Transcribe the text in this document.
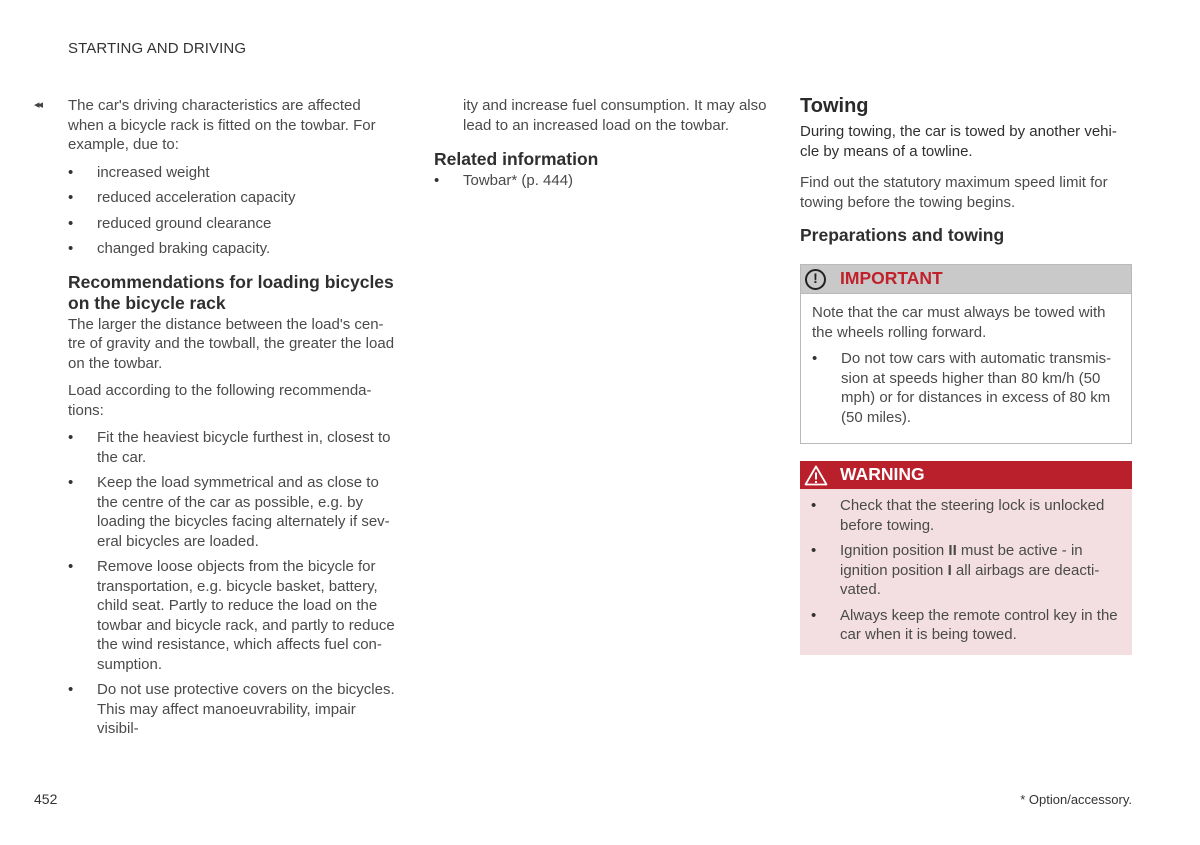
STARTING AND DRIVING
◂◂ The car's driving characteristics are affected when a bicycle rack is fitted on the towbar. For example, due to:

• increased weight
• reduced acceleration capacity
• reduced ground clearance
• changed braking capacity.
Recommendations for loading bicycles on the bicycle rack

The larger the distance between the load's cen-tre of gravity and the towball, the greater the load on the towbar.

Load according to the following recommenda-tions:

• Fit the heaviest bicycle furthest in, closest to the car.
• Keep the load symmetrical and as close to the centre of the car as possible, e.g. by loading the bicycles facing alternately if sev-eral bicycles are loaded.
• Remove loose objects from the bicycle for transportation, e.g. bicycle basket, battery, child seat. Partly to reduce the load on the towbar and bicycle rack, and partly to reduce the wind resistance, which affects fuel con-sumption.
• Do not use protective covers on the bicycles. This may affect manoeuvrability, impair visibil-

ity and increase fuel consumption. It may also lead to an increased load on the towbar.

Related information
• Towbar* (p. 444)
Towing

During towing, the car is towed by another vehi-cle by means of a towline.

Find out the statutory maximum speed limit for towing before the towing begins.

Preparations and towing
!	IMPORTANT

Note that the car must always be towed with the wheels rolling forward.

• Do not tow cars with automatic transmis-sion at speeds higher than 80 km/h (50 mph) or for distances in excess of 80 km (50 miles).
WARNING
• Check that the steering lock is unlocked before towing.
• Ignition position II must be active - in ignition position I all airbags are deacti-vated.
• Always keep the remote control key in the car when it is being towed.
452	* Option/accessory.
